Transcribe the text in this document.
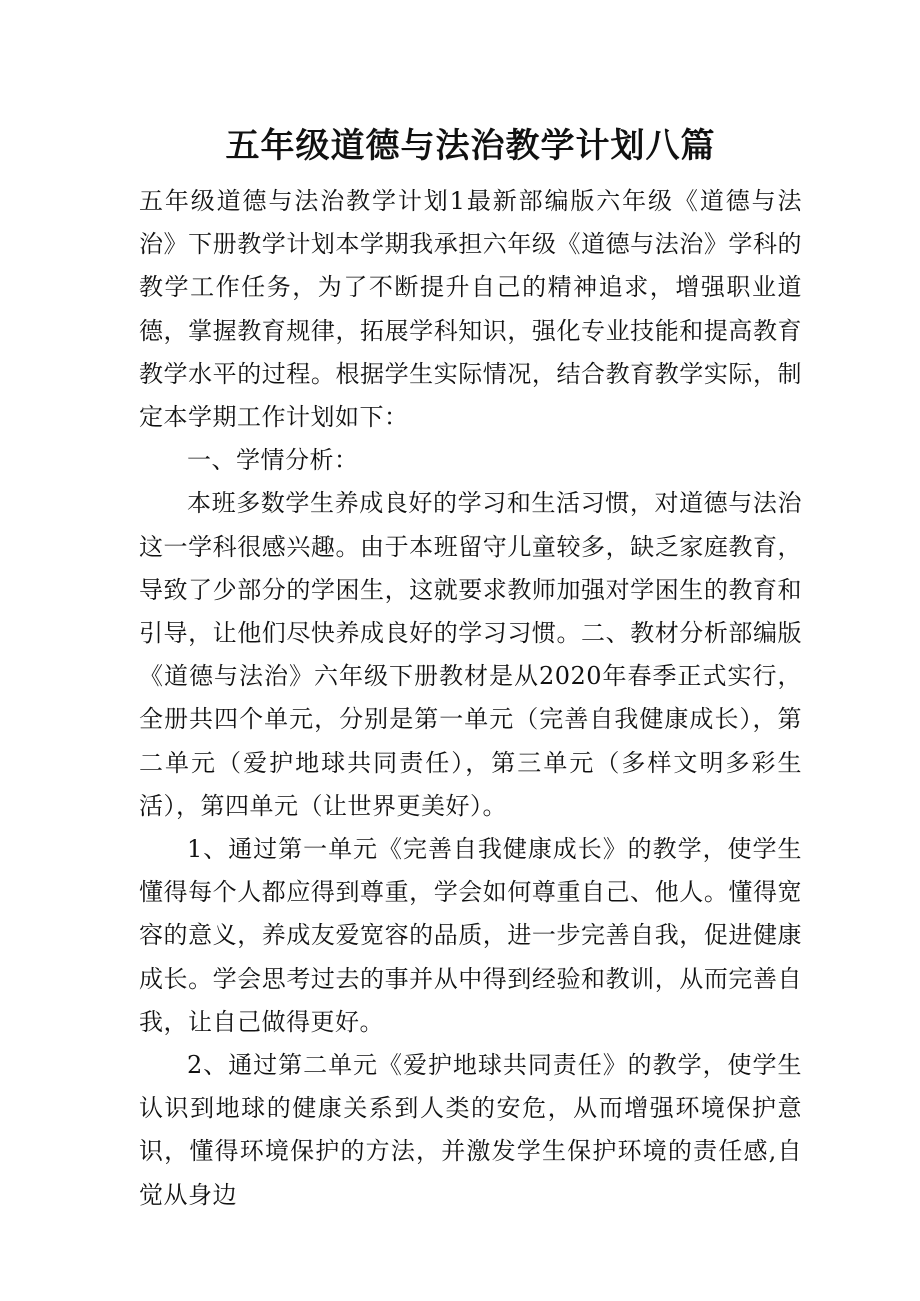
五年级道德与法治教学计划八篇

五年级道德与法治教学计划1最新部编版六年级《道德与法治》下册教学计划本学期我承担六年级《道德与法治》学科的教学工作任务，为了不断提升自己的精神追求，增强职业道德，掌握教育规律，拓展学科知识，强化专业技能和提高教育教学水平的过程。根据学生实际情况，结合教育教学实际，制定本学期工作计划如下：

一、学情分析：

本班多数学生养成良好的学习和生活习惯，对道德与法治这一学科很感兴趣。由于本班留守儿童较多，缺乏家庭教育，导致了少部分的学困生，这就要求教师加强对学困生的教育和引导，让他们尽快养成良好的学习习惯。二、教材分析部编版《道德与法治》六年级下册教材是从2020年春季正式实行，全册共四个单元，分别是第一单元（完善自我健康成长），第二单元（爱护地球共同责任），第三单元（多样文明多彩生活），第四单元（让世界更美好）。

1、通过第一单元《完善自我健康成长》的教学，使学生懂得每个人都应得到尊重，学会如何尊重自己、他人。懂得宽容的意义，养成友爱宽容的品质，进一步完善自我，促进健康成长。学会思考过去的事并从中得到经验和教训，从而完善自我，让自己做得更好。

2、通过第二单元《爱护地球共同责任》的教学，使学生认识到地球的健康关系到人类的安危，从而增强环境保护意识，懂得环境保护的方法，并激发学生保护环境的责任感,自觉从身边
